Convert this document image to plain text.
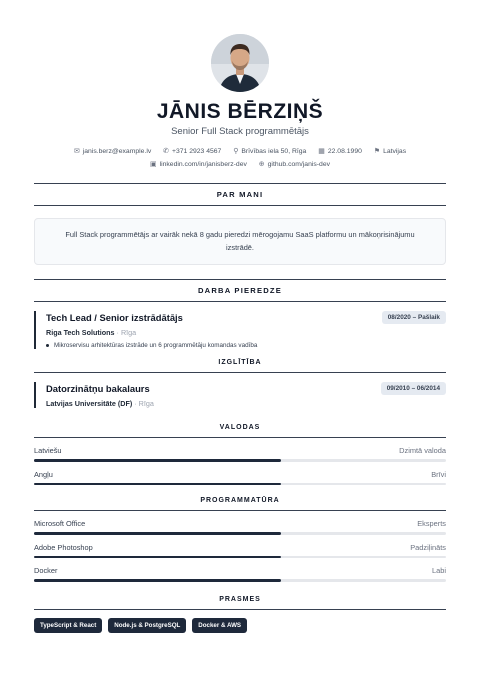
JĀNIS BĒRZIŅŠ
Senior Full Stack programmētājs
✉ janis.berz@example.lv ✆ +371 2923 4567 ⚲ Brīvības iela 50, Rīga ▦ 22.08.1990 ⚑ Latvijas
▣ linkedin.com/in/janisberz-dev ⊕ github.com/janis-dev
PAR MANI
Full Stack programmētājs ar vairāk nekā 8 gadu pieredzi mērogojamu SaaS platformu un mākoņrisinājumu izstrādē.
DARBA PIEREDZE
Tech Lead / Senior izstrādātājs	08/2020 – Pašlaik
Riga Tech Solutions · Rīga
Mikroservisu arhitektūras izstrāde un 6 programmētāju komandas vadība
IZGLĪTĪBA
Datorzinātņu bakalaurs	09/2010 – 06/2014
Latvijas Universitāte (DF) · Rīga
VALODAS
Latviešu	Dzimtā valoda
Angļu	Brīvi
PROGRAMMATŪRA
Microsoft Office	Eksperts
Adobe Photoshop	Padziļināts
Docker	Labi
PRASMES
TypeScript & React	Node.js & PostgreSQL	Docker & AWS
